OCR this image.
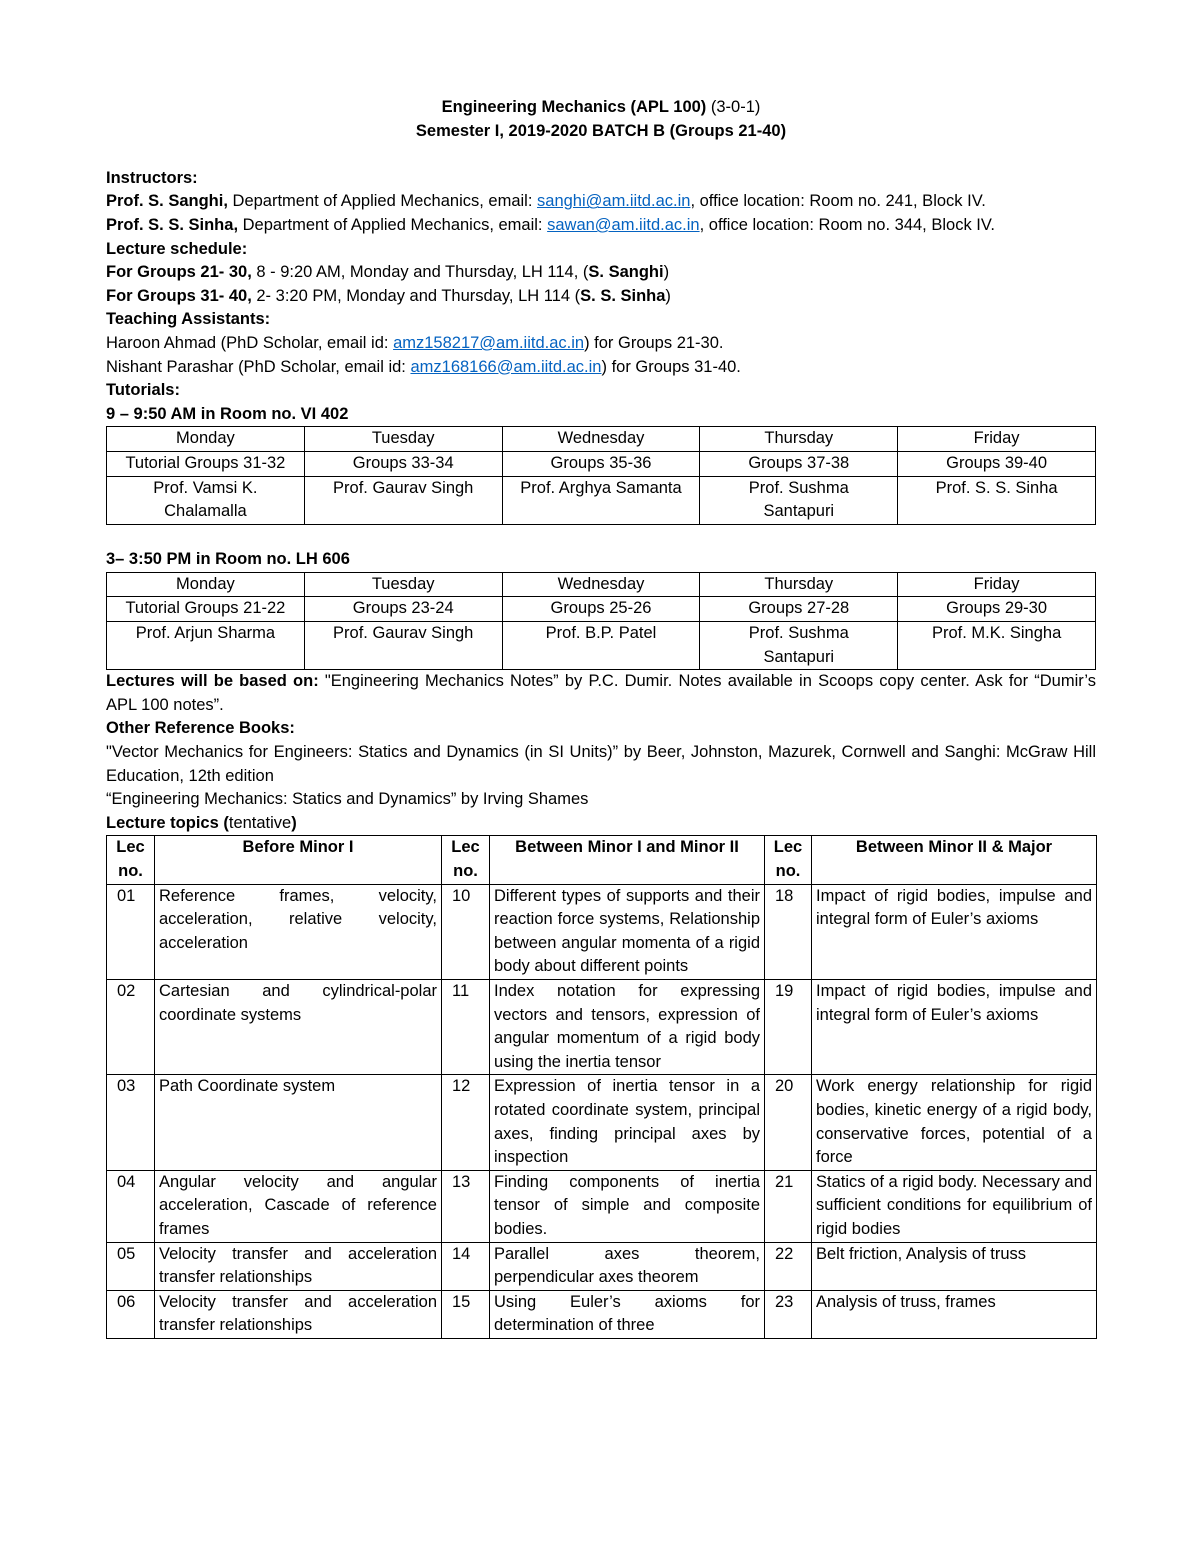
Engineering Mechanics (APL 100) (3-0-1)
Semester I, 2019-2020 BATCH B (Groups 21-40)
Instructors:
Prof. S. Sanghi, Department of Applied Mechanics, email: sanghi@am.iitd.ac.in, office location: Room no. 241, Block IV.
Prof. S. S. Sinha, Department of Applied Mechanics, email: sawan@am.iitd.ac.in, office location: Room no. 344, Block IV.
Lecture schedule:
For Groups 21- 30, 8 - 9:20 AM, Monday and Thursday, LH 114, (S. Sanghi)
For Groups 31- 40, 2- 3:20 PM, Monday and Thursday, LH 114 (S. S. Sinha)
Teaching Assistants:
Haroon Ahmad (PhD Scholar, email id: amz158217@am.iitd.ac.in) for Groups 21-30.
Nishant Parashar (PhD Scholar, email id: amz168166@am.iitd.ac.in) for Groups 31-40.
Tutorials:
9 – 9:50 AM in Room no. VI 402
Monday	Tuesday	Wednesday	Thursday	Friday
Tutorial Groups 31-32	Groups 33-34	Groups 35-36	Groups 37-38	Groups 39-40
Prof. Vamsi K. Chalamalla	Prof. Gaurav Singh	Prof. Arghya Samanta	Prof. Sushma Santapuri	Prof. S. S. Sinha
3– 3:50 PM in Room no. LH 606
Monday	Tuesday	Wednesday	Thursday	Friday
Tutorial Groups 21-22	Groups 23-24	Groups 25-26	Groups 27-28	Groups 29-30
Prof. Arjun Sharma	Prof. Gaurav Singh	Prof. B.P. Patel	Prof. Sushma Santapuri	Prof. M.K. Singha
Lectures will be based on: "Engineering Mechanics Notes” by P.C. Dumir. Notes available in Scoops copy center. Ask for “Dumir’s APL 100 notes”.
Other Reference Books:
"Vector Mechanics for Engineers: Statics and Dynamics (in SI Units)” by Beer, Johnston, Mazurek, Cornwell and Sanghi: McGraw Hill Education, 12th edition
“Engineering Mechanics: Statics and Dynamics” by Irving Shames
Lecture topics (tentative)
Lec no.	Before Minor I	Lec no.	Between Minor I and Minor II	Lec no.	Between Minor II & Major
01	Reference frames, velocity, acceleration, relative velocity, acceleration	10	Different types of supports and their reaction force systems, Relationship between angular momenta of a rigid body about different points	18	Impact of rigid bodies, impulse and integral form of Euler’s axioms
02	Cartesian and cylindrical-polar coordinate systems	11	Index notation for expressing vectors and tensors, expression of angular momentum of a rigid body using the inertia tensor	19	Impact of rigid bodies, impulse and integral form of Euler’s axioms
03	Path Coordinate system	12	Expression of inertia tensor in a rotated coordinate system, principal axes, finding principal axes by inspection	20	Work energy relationship for rigid bodies, kinetic energy of a rigid body, conservative forces, potential of a force
04	Angular velocity and angular acceleration, Cascade of reference frames	13	Finding components of inertia tensor of simple and composite bodies.	21	Statics of a rigid body. Necessary and sufficient conditions for equilibrium of rigid bodies
05	Velocity transfer and acceleration transfer relationships	14	Parallel axes theorem, perpendicular axes theorem	22	Belt friction, Analysis of truss
06	Velocity transfer and acceleration transfer relationships	15	Using Euler’s axioms for determination of three	23	Analysis of truss, frames
